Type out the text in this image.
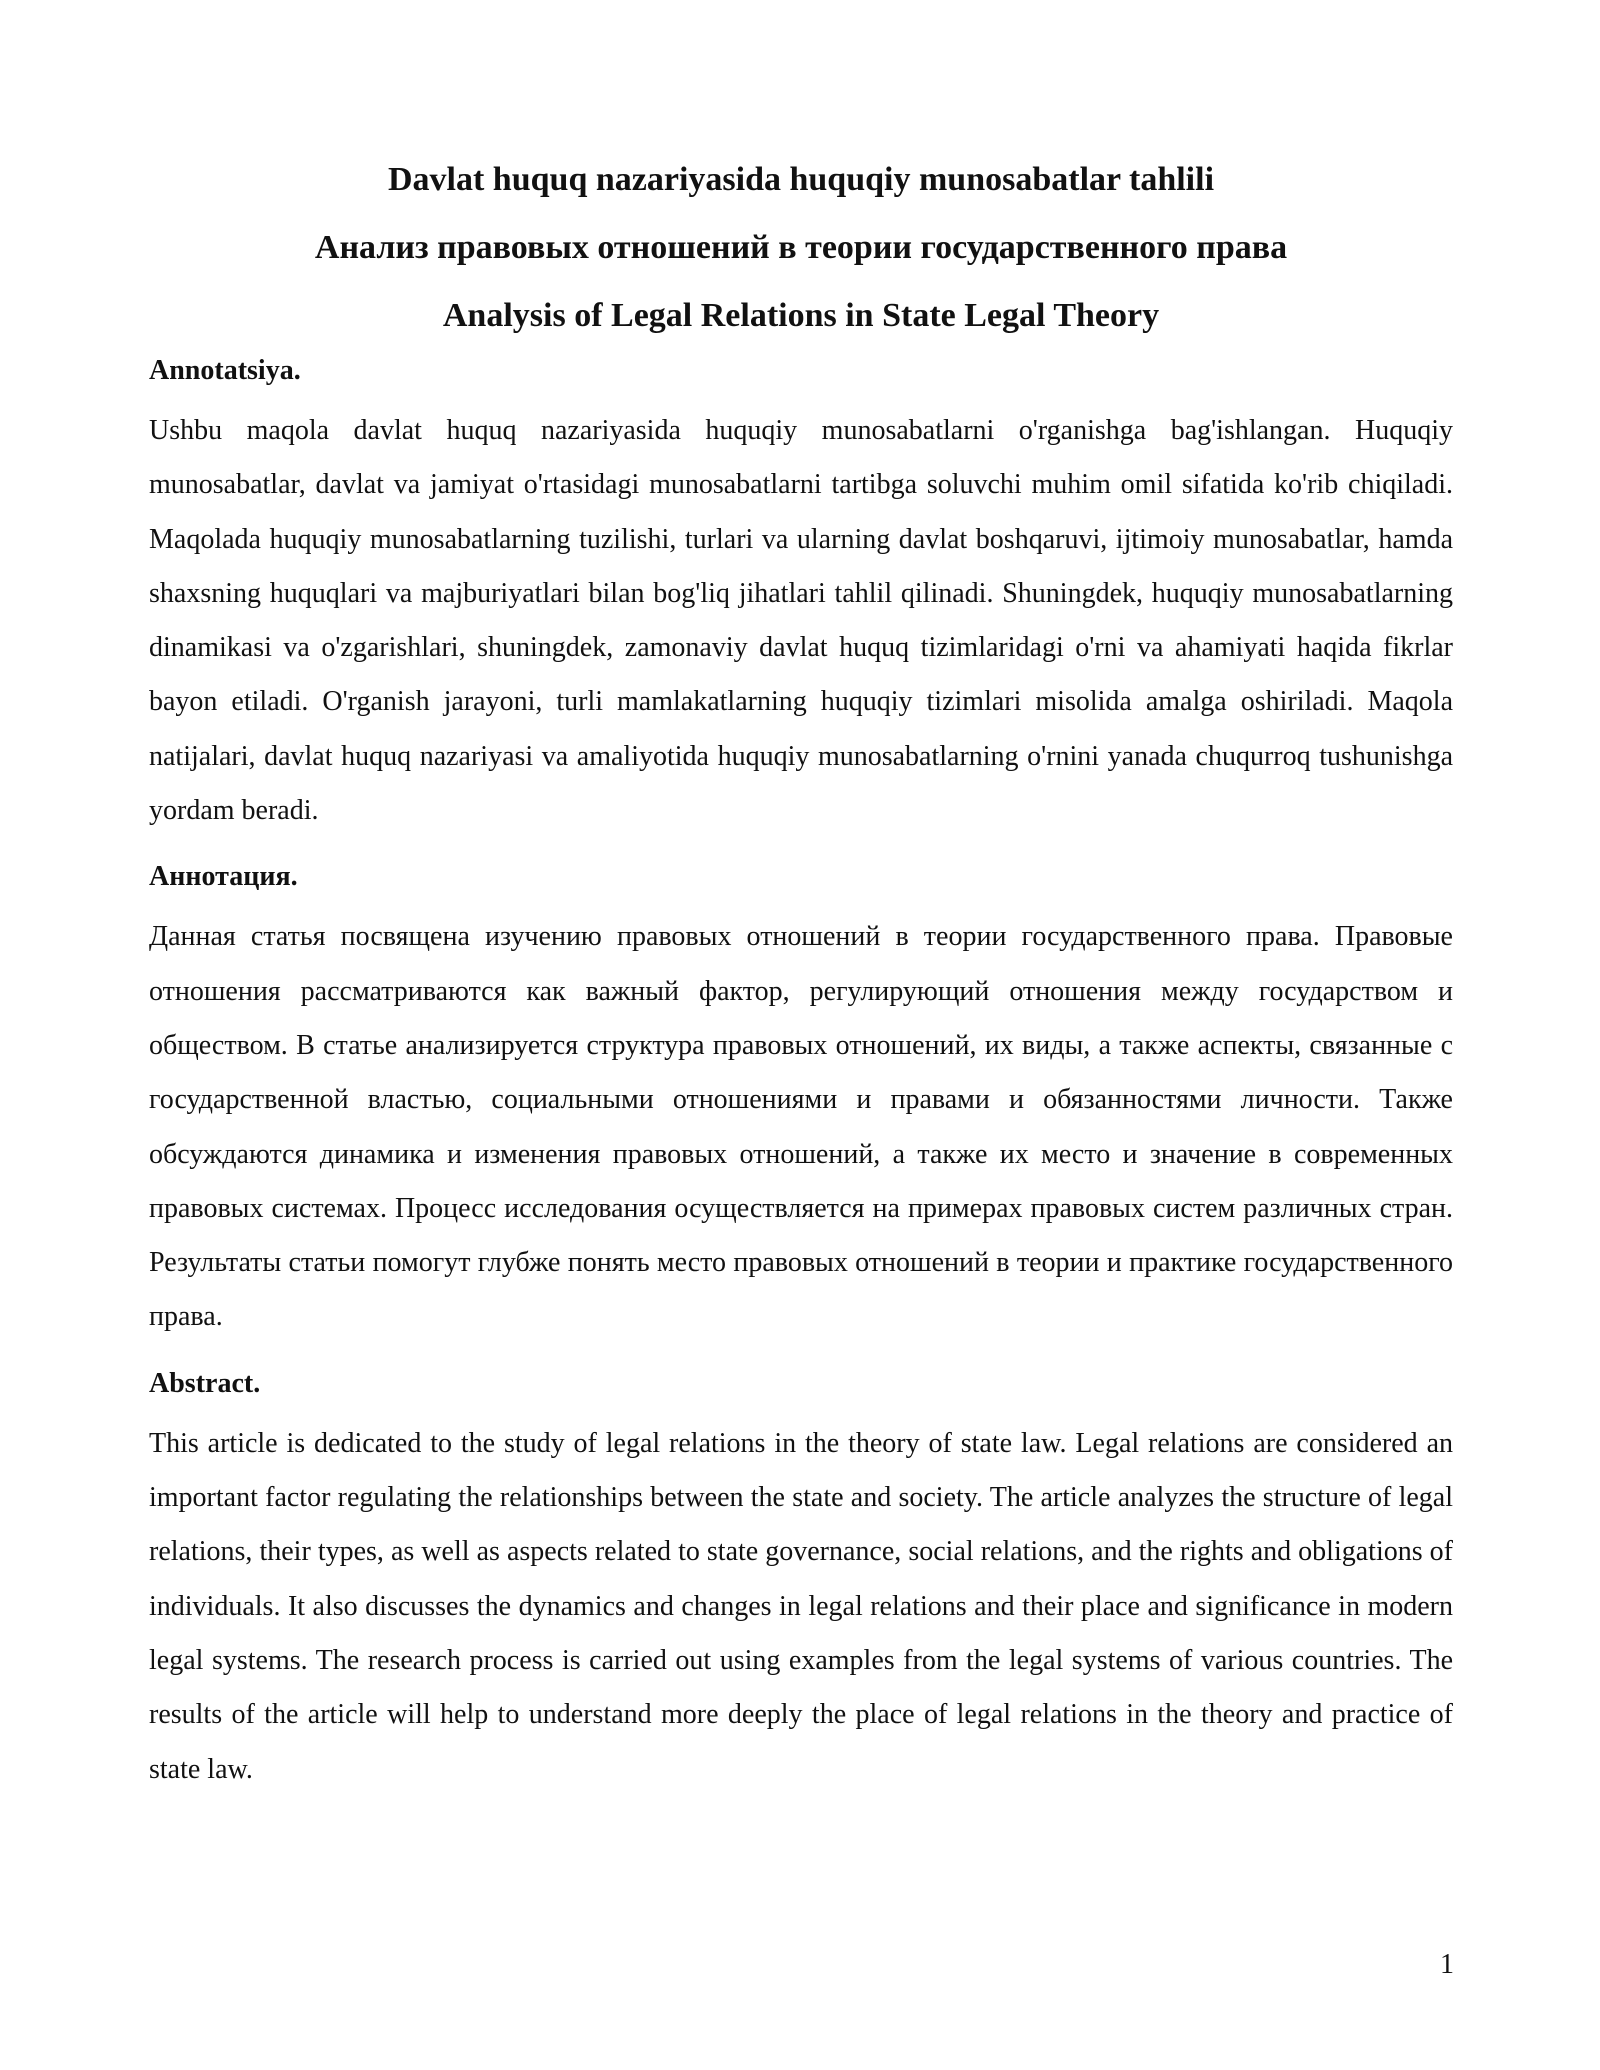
Davlat huquq nazariyasida huquqiy munosabatlar tahlili

Анализ правовых отношений в теории государственного права

Analysis of Legal Relations in State Legal Theory

Annotatsiya.

Ushbu maqola davlat huquq nazariyasida huquqiy munosabatlarni o'rganishga bag'ishlangan. Huquqiy munosabatlar, davlat va jamiyat o'rtasidagi munosabatlarni tartibga soluvchi muhim omil sifatida ko'rib chiqiladi. Maqolada huquqiy munosabatlarning tuzilishi, turlari va ularning davlat boshqaruvi, ijtimoiy munosabatlar, hamda shaxsning huquqlari va majburiyatlari bilan bog'liq jihatlari tahlil qilinadi. Shuningdek, huquqiy munosabatlarning dinamikasi va o'zgarishlari, shuningdek, zamonaviy davlat huquq tizimlaridagi o'rni va ahamiyati haqida fikrlar bayon etiladi. O'rganish jarayoni, turli mamlakatlarning huquqiy tizimlari misolida amalga oshiriladi. Maqola natijalari, davlat huquq nazariyasi va amaliyotida huquqiy munosabatlarning o'rnini yanada chuqurroq tushunishga yordam beradi.

Аннотация.

Данная статья посвящена изучению правовых отношений в теории государственного права. Правовые отношения рассматриваются как важный фактор, регулирующий отношения между государством и обществом. В статье анализируется структура правовых отношений, их виды, а также аспекты, связанные с государственной властью, социальными отношениями и правами и обязанностями личности. Также обсуждаются динамика и изменения правовых отношений, а также их место и значение в современных правовых системах. Процесс исследования осуществляется на примерах правовых систем различных стран. Результаты статьи помогут глубже понять место правовых отношений в теории и практике государственного права.

Abstract.

This article is dedicated to the study of legal relations in the theory of state law. Legal relations are considered an important factor regulating the relationships between the state and society. The article analyzes the structure of legal relations, their types, as well as aspects related to state governance, social relations, and the rights and obligations of individuals. It also discusses the dynamics and changes in legal relations and their place and significance in modern legal systems. The research process is carried out using examples from the legal systems of various countries. The results of the article will help to understand more deeply the place of legal relations in the theory and practice of state law.

1
